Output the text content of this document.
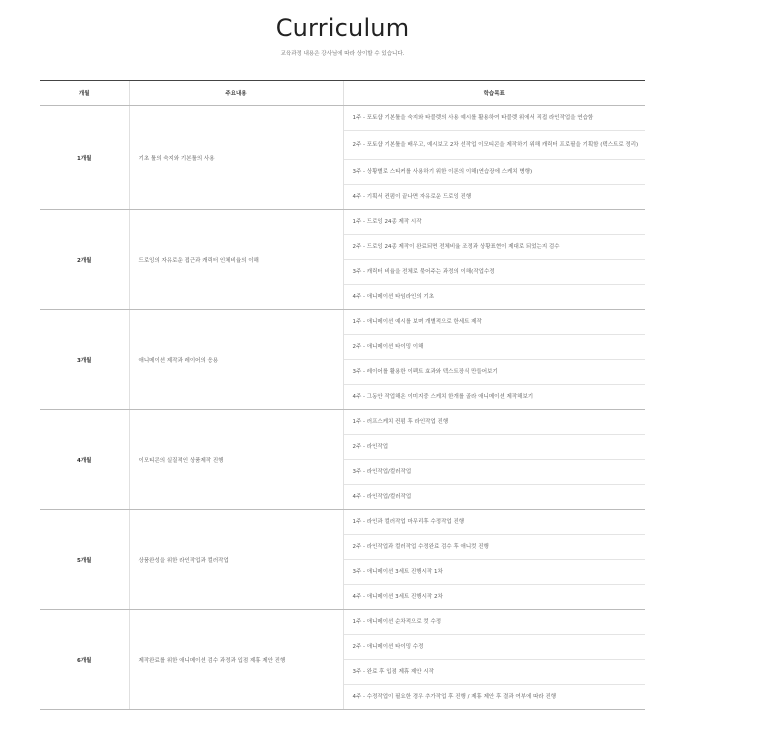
Curriculum

교육과정 내용은 강사님에 따라 상이할 수 있습니다.

개월	주요내용	학습목표
1개월	기초 툴의 숙지와 기본툴의 사용	1주 - 포토샵 기본툴을 숙지와 타블렛의 사용 예시를 활용하여 타블렛 위에서 직접 라인작업을 연습함
		2주 - 포토샵 기본툴을 배우고, 예시보고 2차 선작업 이모티콘을 제작하기 위해 캐릭터 프로필을 기획함 (텍스트로 정리)
		3주 - 상황별로 스티커를 사용하기 위한 이론의 이해(연습장에 스케치 병행)
		4주 - 기획서 컨펌이 끝나면 자유로운 드로잉 진행
2개월	드로잉의 자유로운 접근과 캐릭터 인체비율의 이해	1주 - 드로잉 24종 제작 시작
		2주 - 드로잉 24종 제작이 완료되면 전체비율 조정과 상황표현이 제대로 되었는지 검수
		3주 - 캐릭터 비율을 전체로 묶어주는 과정의 이해(작업수정
		4주 - 애니메이션 타임라인의 기초
3개월	애니메이션 제작과 레이어의 응용	1주 - 애니메이션 예시를 보며 개별적으로 한세트 제작
		2주 - 애니메이션 타이밍 이해
		3주 - 레이어를 활용한 이펙트 효과와 텍스트장식 만들어보기
		4주 - 그동안 작업해온 이미지중 스케치 한개를 골라 애니메이션 제작해보기
4개월	이모티콘의 실질적인 상품제작 진행	1주 - 러프스케치 컨펌 후 라인작업 진행
		2주 - 라인작업
		3주 - 라인작업/컬러작업
		4주 - 라인작업/컬러작업
5개월	상품완성을 위한 라인작업과 컬러작업	1주 - 라인과 컬러작업 마무리후 수정작업 진행
		2주 - 라인작업과 컬러작업 수정완료 검수 후 애니컷 진행
		3주 - 애니메이션 3세트 진행시작 1차
		4주 - 애니메이션 3세트 진행시작 2차
6개월	제작완료를 위한 애니메이션 검수 과정과 입점 제휴 제안 진행	1주 - 애니메이션 순차적으로 컷 수정
		2주 - 애니메이션 타이밍 수정
		3주 - 완료 후 입점 제휴 제안 시작
		4주 - 수정작업이 필요한 경우 추가작업 후 진행 / 제휴 제안 후 결과 여부에 따라 진행
